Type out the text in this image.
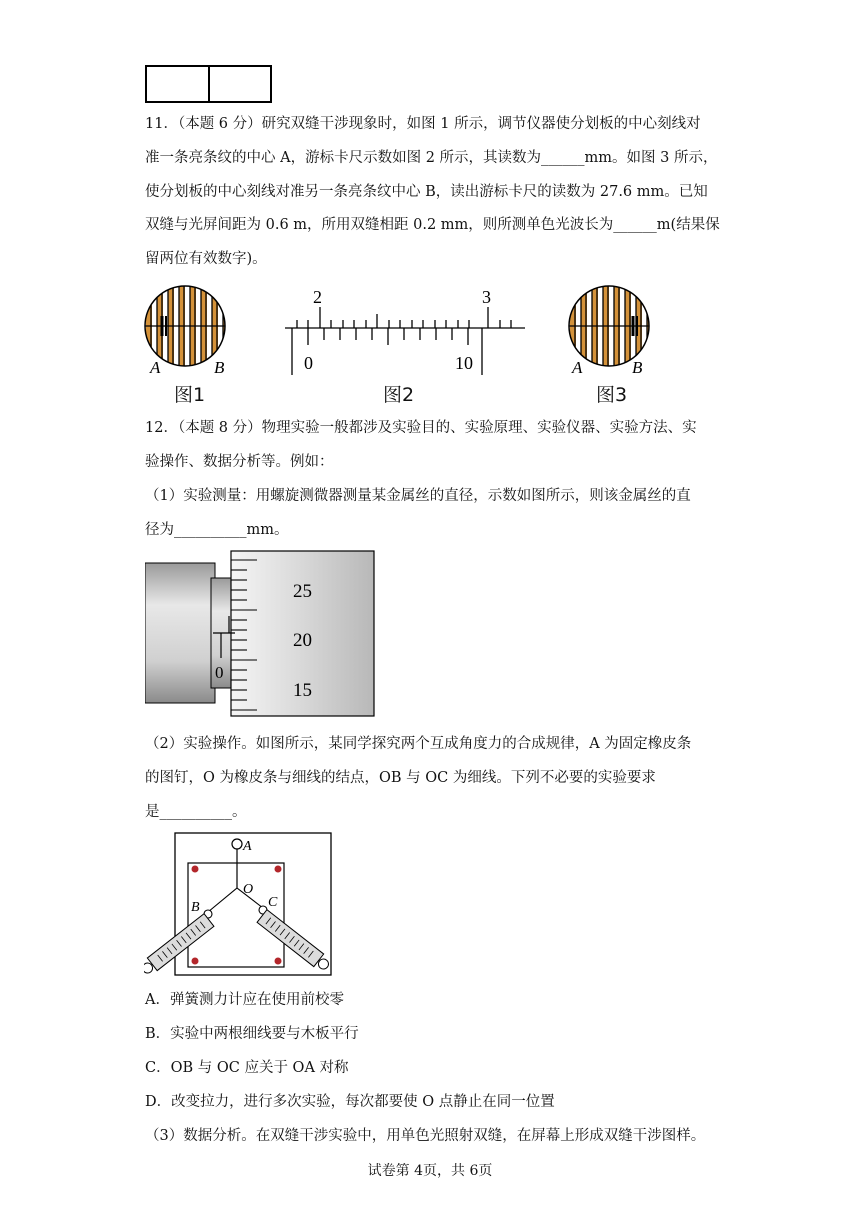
11．（本题 6 分）研究双缝干涉现象时，如图 1 所示，调节仪器使分划板的中心刻线对
准一条亮条纹的中心 A，游标卡尺示数如图 2 所示，其读数为______mm。如图 3 所示，
使分划板的中心刻线对准另一条亮条纹中心 B，读出游标卡尺的读数为 27.6 mm。已知
双缝与光屏间距为 0.6 m，所用双缝相距 0.2 mm，则所测单色光波长为______m(结果保
留两位有效数字)。
A	B
图1
2	3
0	10
图2
A	B
图3
12．（本题 8 分）物理实验一般都涉及实验目的、实验原理、实验仪器、实验方法、实
验操作、数据分析等。例如：
（1）实验测量：用螺旋测微器测量某金属丝的直径，示数如图所示，则该金属丝的直
径为__________mm。
25
20
15
0
（2）实验操作。如图所示，某同学探究两个互成角度力的合成规律，A 为固定橡皮条
的图钉，O 为橡皮条与细线的结点，OB 与 OC 为细线。下列不必要的实验要求
是__________。
A
O
B	C
A．弹簧测力计应在使用前校零
B．实验中两根细线要与木板平行
C．OB 与 OC 应关于 OA 对称
D．改变拉力，进行多次实验，每次都要使 O 点静止在同一位置
（3）数据分析。在双缝干涉实验中，用单色光照射双缝，在屏幕上形成双缝干涉图样。
试卷第 4页，共 6页
